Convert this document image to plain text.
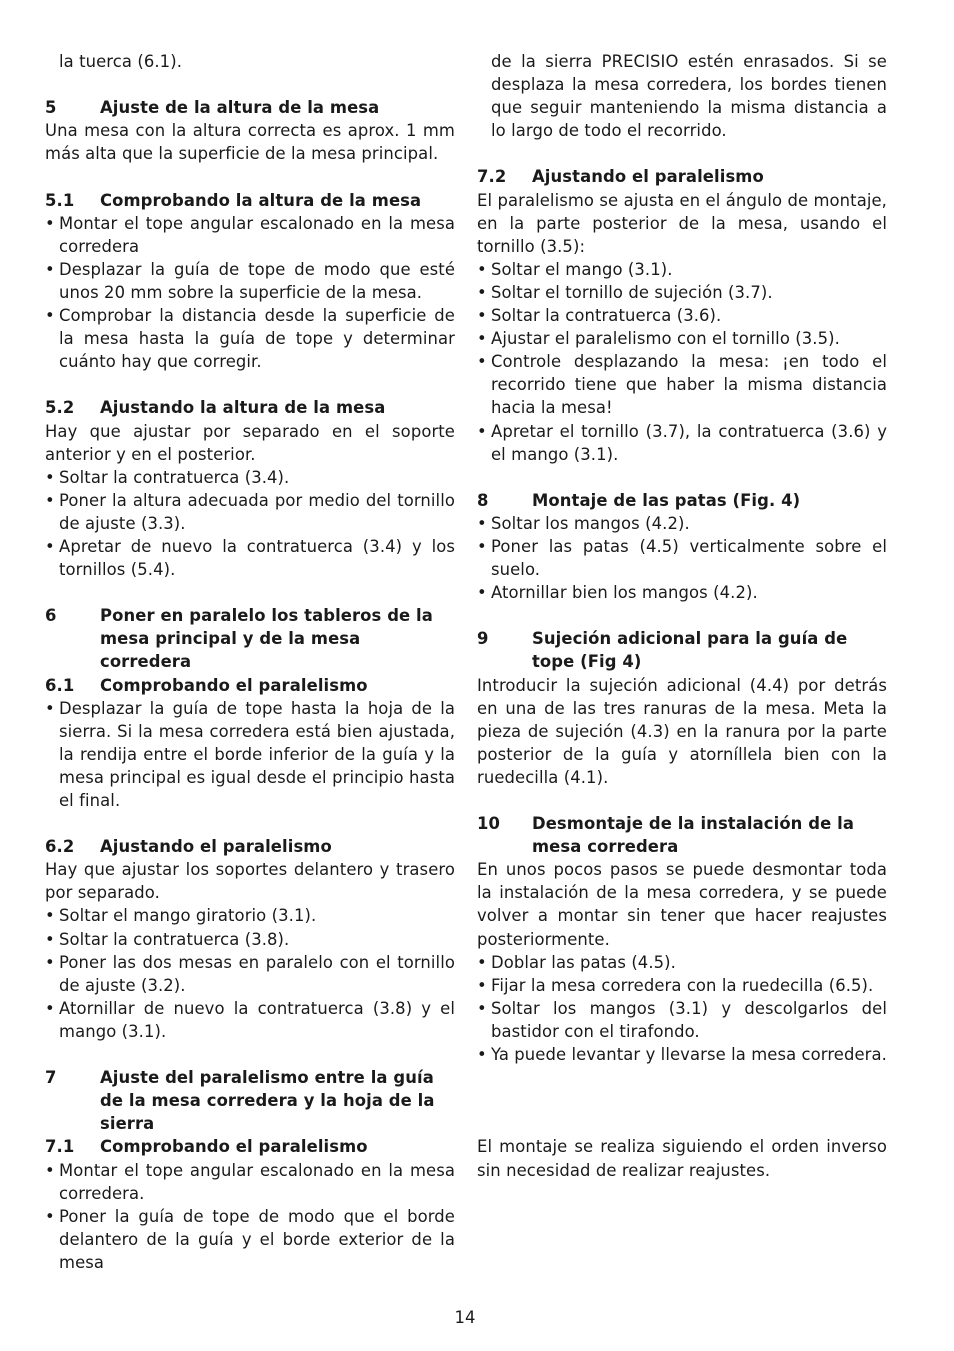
la tuerca (6.1).

5	Ajuste de la altura de la mesa

Una mesa con la altura correcta es aprox. 1 mm más alta que la superficie de la mesa principal.

5.1	Comprobando la altura de la mesa
• Montar el tope angular escalonado en la mesa corredera
• Desplazar la guía de tope de modo que esté unos 20 mm sobre la superficie de la mesa.
• Comprobar la distancia desde la superficie de la mesa hasta la guía de tope y determinar cuánto hay que corregir.
5.2	Ajustando la altura de la mesa

Hay que ajustar por separado en el soporte anterior y en el posterior.

• Soltar la contratuerca (3.4).
• Poner la altura adecuada por medio del tornillo de ajuste (3.3).
• Apretar de nuevo la contratuerca (3.4) y los tornillos (5.4).
6	Poner en paralelo los tableros de la mesa principal y de la mesa corredera
6.1	Comprobando el paralelismo
• Desplazar la guía de tope hasta la hoja de la sierra. Si la mesa corredera está bien ajustada, la rendija entre el borde inferior de la guía y la mesa principal es igual desde el principio hasta el final.
6.2	Ajustando el paralelismo

Hay que ajustar los soportes delantero y trasero por separado.

• Soltar el mango giratorio (3.1).
• Soltar la contratuerca (3.8).
• Poner las dos mesas en paralelo con el tornillo de ajuste (3.2).
• Atornillar de nuevo la contratuerca (3.8) y el mango (3.1).
7	Ajuste del paralelismo entre la guía de la mesa corredera y la hoja de la sierra
7.1	Comprobando el paralelismo
• Montar el tope angular escalonado en la mesa corredera.
• Poner la guía de tope de modo que el borde delantero de la guía y el borde exterior de la mesa

de la sierra PRECISIO estén enrasados. Si se desplaza la mesa corredera, los bordes tienen que seguir manteniendo la misma distancia a lo largo de todo el recorrido.

7.2	Ajustando el paralelismo

El paralelismo se ajusta en el ángulo de montaje, en la parte posterior de la mesa, usando el tornillo (3.5):

• Soltar el mango (3.1).
• Soltar el tornillo de sujeción (3.7).
• Soltar la contratuerca (3.6).
• Ajustar el paralelismo con el tornillo (3.5).
• Controle desplazando la mesa: ¡en todo el recorrido tiene que haber la misma distancia hacia la mesa!
• Apretar el tornillo (3.7), la contratuerca (3.6) y el mango (3.1).
8	Montaje de las patas (Fig. 4)
• Soltar los mangos (4.2).
• Poner las patas (4.5) verticalmente sobre el suelo.
• Atornillar bien los mangos (4.2).
9	Sujeción adicional para la guía de tope (Fig 4)

Introducir la sujeción adicional (4.4) por detrás en una de las tres ranuras de la mesa. Meta la pieza de sujeción (4.3) en la ranura por la parte posterior de la guía y atorníllela bien con la ruedecilla (4.1).

10	Desmontaje de la instalación de la mesa corredera

En unos pocos pasos se puede desmontar toda la instalación de la mesa corredera, y se puede volver a montar sin tener que hacer reajustes posteriormente.

• Doblar las patas (4.5).
• Fijar la mesa corredera con la ruedecilla (6.5).
• Soltar los mangos (3.1) y descolgarlos del bastidor con el tirafondo.
• Ya puede levantar y llevarse la mesa corredera.

El montaje se realiza siguiendo el orden inverso sin necesidad de realizar reajustes.

14
